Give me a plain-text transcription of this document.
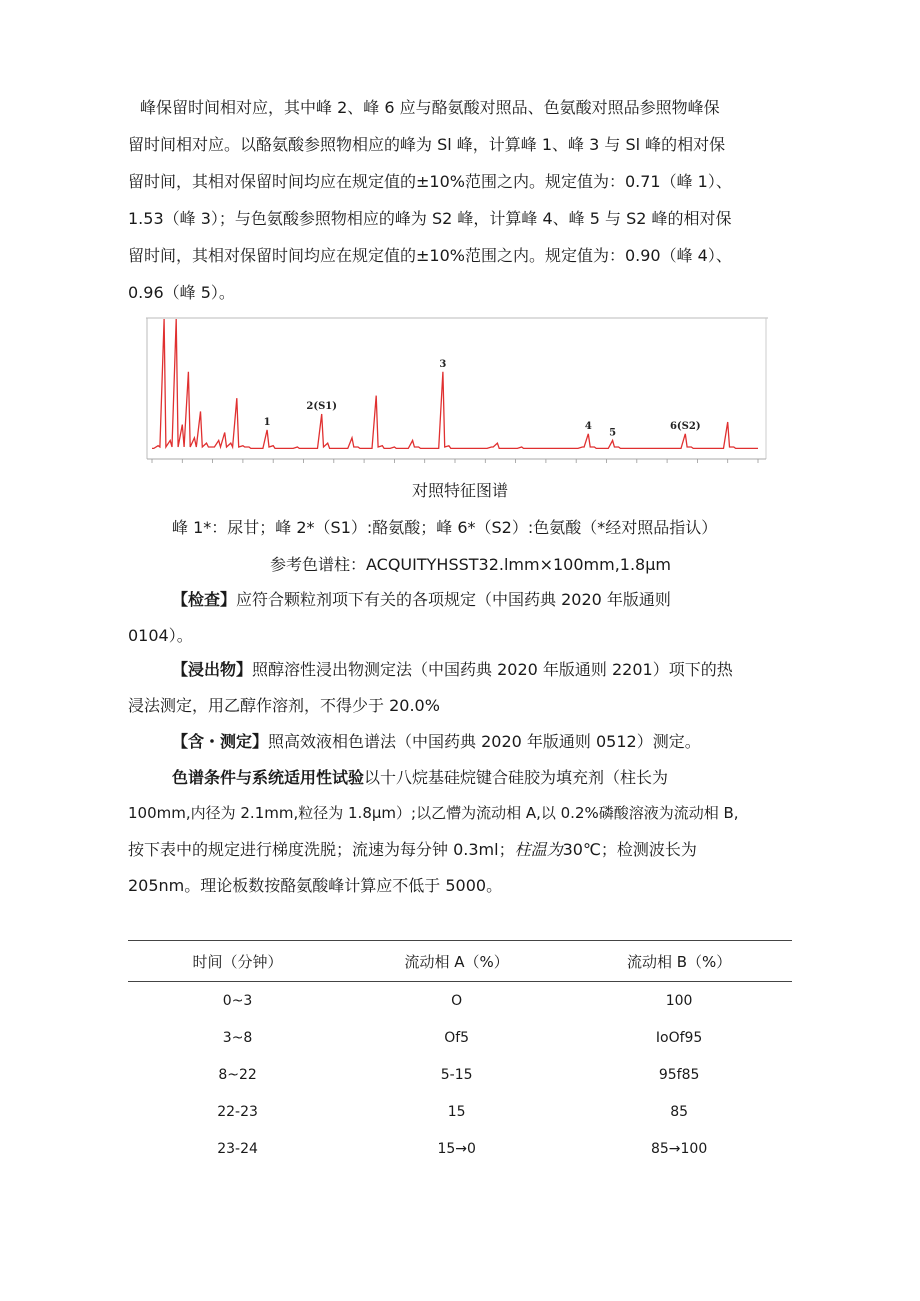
峰保留时间相对应，其中峰 2、峰 6 应与酪氨酸对照品、色氨酸对照品参照物峰保
留时间相对应。以酪氨酸参照物相应的峰为 Sl 峰，计算峰 1、峰 3 与 Sl 峰的相对保
留时间，其相对保留时间均应在规定值的±10%范围之内。规定值为：0.71（峰 1）、
1.53（峰 3）；与色氨酸参照物相应的峰为 S2 峰，计算峰 4、峰 5 与 S2 峰的相对保
留时间，其相对保留时间均应在规定值的±10%范围之内。规定值为：0.90（峰 4）、
0.96（峰 5）。
1
2(S1)
3
4
5
6(S2)
对照特征图谱
峰 1*：尿甘；峰 2*（S1）:酪氨酸；峰 6*（S2）:色氨酸（*经对照品指认）
参考色谱柱：ACQUITYHSST32.lmm×100mm,1.8μm
【检查】应符合颗粒剂项下有关的各项规定（中国药典 2020 年版通则
0104）。
【浸出物】照醇溶性浸出物测定法（中国药典 2020 年版通则 2201）项下的热
浸法测定，用乙醇作溶剂，不得少于 20.0%
【含・测定】照高效液相色谱法（中国药典 2020 年版通则 0512）测定。
色谱条件与系统适用性试验以十八烷基硅烷键合硅胶为填充剂（柱长为
100mm,内径为 2.1mm,粒径为 1.8μm）;以乙懵为流动相 A,以 0.2%磷酸溶液为流动相 B,
按下表中的规定进行梯度洗脱；流速为每分钟 0.3ml；柱温为30℃；检测波长为
205nm。理论板数按酪氨酸峰计算应不低于 5000。
时间（分钟）	流动相 A（%）	流动相 B（%）
0~3	O	100
3~8	Of5	IoOf95
8~22	5-15	95f85
22-23	15	85
23-24	15→0	85→100
